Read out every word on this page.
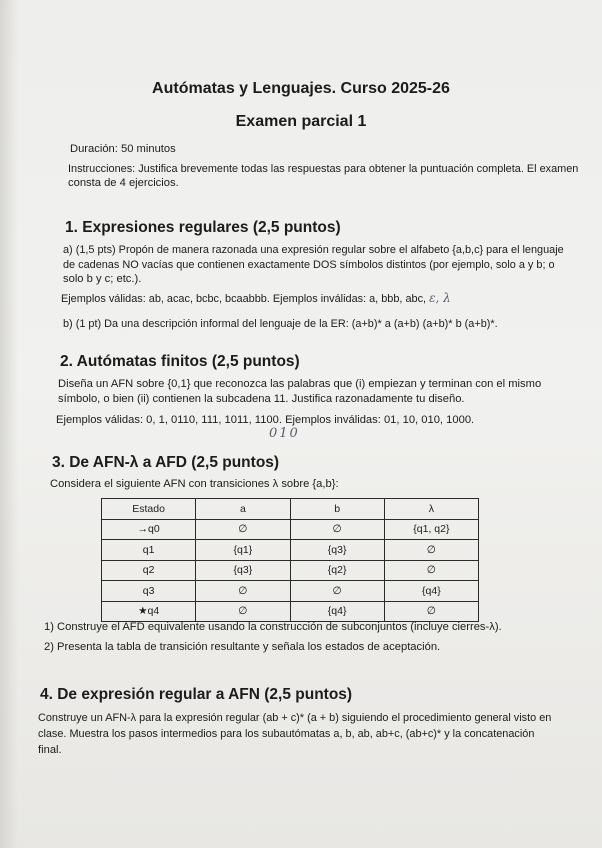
Autómatas y Lenguajes. Curso 2025-26
Examen parcial 1
Duración: 50 minutos
Instrucciones: Justifica brevemente todas las respuestas para obtener la puntuación completa. El examen
consta de 4 ejercicios.
1. Expresiones regulares (2,5 puntos)
a) (1,5 pts) Propón de manera razonada una expresión regular sobre el alfabeto {a,b,c} para el lenguaje
de cadenas NO vacías que contienen exactamente DOS símbolos distintos (por ejemplo, solo a y b; o
solo b y c; etc.).
Ejemplos válidas: ab, acac, bcbc, bcaabbb. Ejemplos inválidas: a, bbb, abc, ε, λ
b) (1 pt) Da una descripción informal del lenguaje de la ER: (a+b)* a (a+b) (a+b)* b (a+b)*.
2. Autómatas finitos (2,5 puntos)
Diseña un AFN sobre {0,1} que reconozca las palabras que (i) empiezan y terminan con el mismo
símbolo, o bien (ii) contienen la subcadena 11. Justifica razonadamente tu diseño.
Ejemplos válidas: 0, 1, 0110, 111, 1011, 1100. Ejemplos inválidas: 01, 10, 010, 1000.
010
3. De AFN-λ a AFD (2,5 puntos)
Considera el siguiente AFN con transiciones λ sobre {a,b}:
Estado	a	b	λ
→q0	∅	∅	{q1, q2}
q1	{q1}	{q3}	∅
q2	{q3}	{q2}	∅
q3	∅	∅	{q4}
★q4	∅	{q4}	∅
1) Construye el AFD equivalente usando la construcción de subconjuntos (incluye cierres-λ).
2) Presenta la tabla de transición resultante y señala los estados de aceptación.
4. De expresión regular a AFN (2,5 puntos)
Construye un AFN-λ para la expresión regular (ab + c)* (a + b) siguiendo el procedimiento general visto en
clase. Muestra los pasos intermedios para los subautómatas a, b, ab, ab+c, (ab+c)* y la concatenación
final.
